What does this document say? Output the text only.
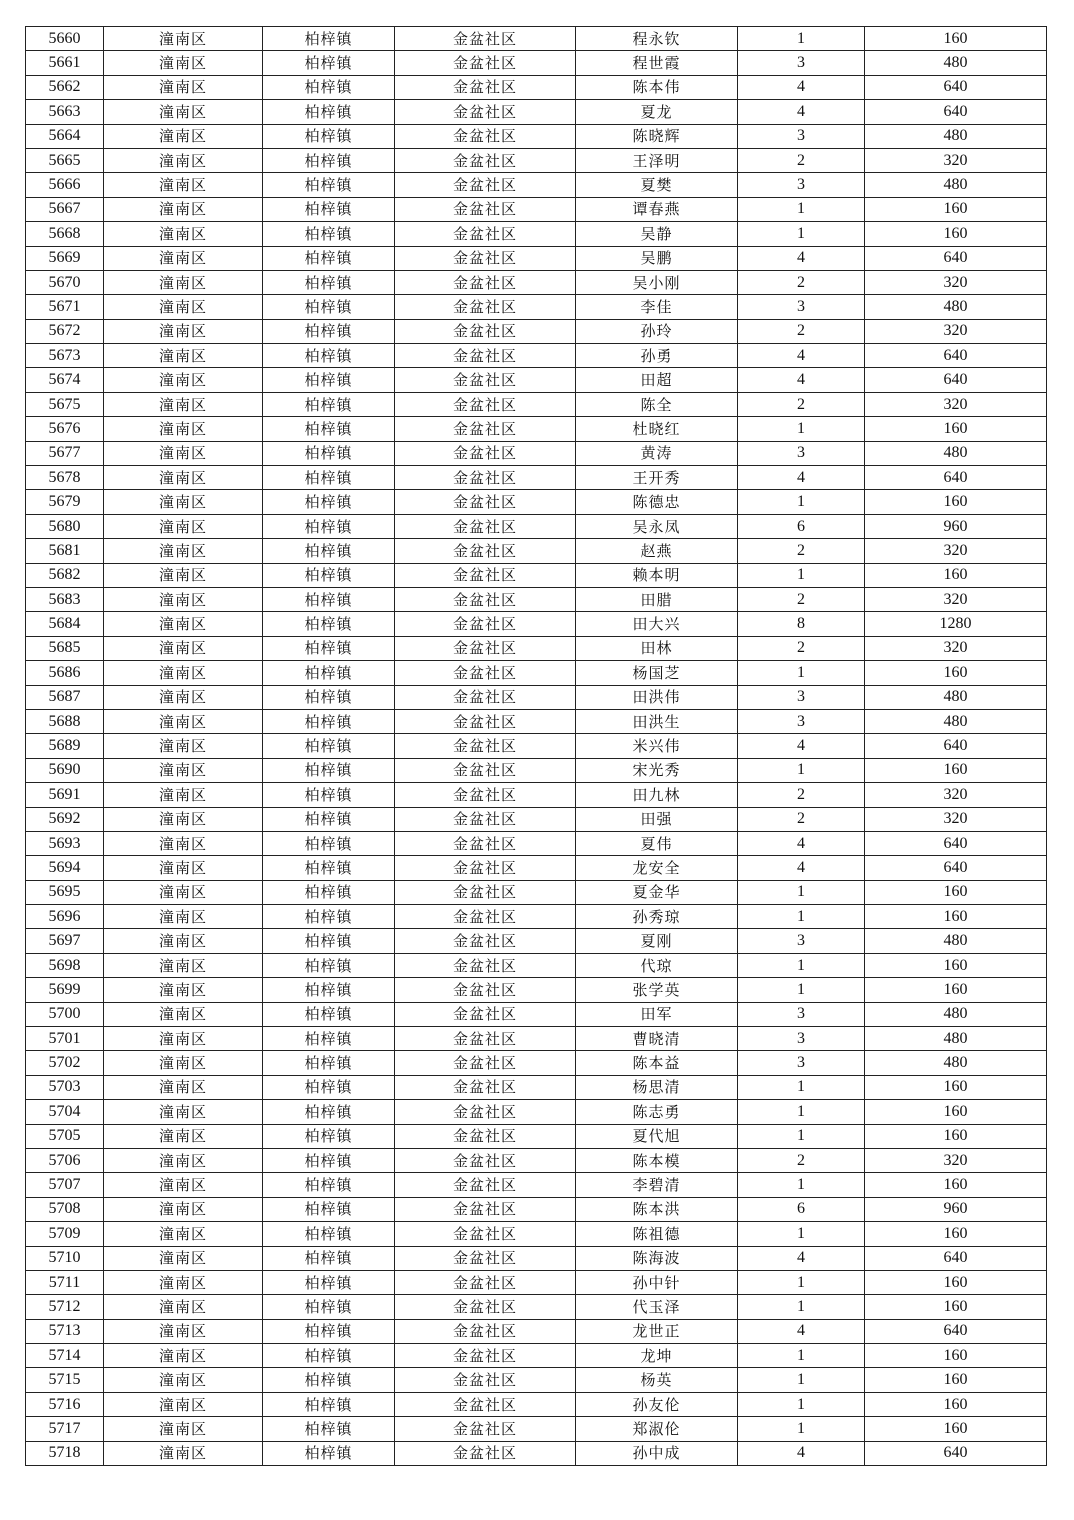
5660	潼南区	柏梓镇	金盆社区	程永钦	1	160
5661	潼南区	柏梓镇	金盆社区	程世霞	3	480
5662	潼南区	柏梓镇	金盆社区	陈本伟	4	640
5663	潼南区	柏梓镇	金盆社区	夏龙	4	640
5664	潼南区	柏梓镇	金盆社区	陈晓辉	3	480
5665	潼南区	柏梓镇	金盆社区	王泽明	2	320
5666	潼南区	柏梓镇	金盆社区	夏樊	3	480
5667	潼南区	柏梓镇	金盆社区	谭春燕	1	160
5668	潼南区	柏梓镇	金盆社区	吴静	1	160
5669	潼南区	柏梓镇	金盆社区	吴鹏	4	640
5670	潼南区	柏梓镇	金盆社区	吴小刚	2	320
5671	潼南区	柏梓镇	金盆社区	李佳	3	480
5672	潼南区	柏梓镇	金盆社区	孙玲	2	320
5673	潼南区	柏梓镇	金盆社区	孙勇	4	640
5674	潼南区	柏梓镇	金盆社区	田超	4	640
5675	潼南区	柏梓镇	金盆社区	陈全	2	320
5676	潼南区	柏梓镇	金盆社区	杜晓红	1	160
5677	潼南区	柏梓镇	金盆社区	黄涛	3	480
5678	潼南区	柏梓镇	金盆社区	王开秀	4	640
5679	潼南区	柏梓镇	金盆社区	陈德忠	1	160
5680	潼南区	柏梓镇	金盆社区	吴永凤	6	960
5681	潼南区	柏梓镇	金盆社区	赵燕	2	320
5682	潼南区	柏梓镇	金盆社区	赖本明	1	160
5683	潼南区	柏梓镇	金盆社区	田腊	2	320
5684	潼南区	柏梓镇	金盆社区	田大兴	8	1280
5685	潼南区	柏梓镇	金盆社区	田林	2	320
5686	潼南区	柏梓镇	金盆社区	杨国芝	1	160
5687	潼南区	柏梓镇	金盆社区	田洪伟	3	480
5688	潼南区	柏梓镇	金盆社区	田洪生	3	480
5689	潼南区	柏梓镇	金盆社区	米兴伟	4	640
5690	潼南区	柏梓镇	金盆社区	宋光秀	1	160
5691	潼南区	柏梓镇	金盆社区	田九林	2	320
5692	潼南区	柏梓镇	金盆社区	田强	2	320
5693	潼南区	柏梓镇	金盆社区	夏伟	4	640
5694	潼南区	柏梓镇	金盆社区	龙安全	4	640
5695	潼南区	柏梓镇	金盆社区	夏金华	1	160
5696	潼南区	柏梓镇	金盆社区	孙秀琼	1	160
5697	潼南区	柏梓镇	金盆社区	夏刚	3	480
5698	潼南区	柏梓镇	金盆社区	代琼	1	160
5699	潼南区	柏梓镇	金盆社区	张学英	1	160
5700	潼南区	柏梓镇	金盆社区	田军	3	480
5701	潼南区	柏梓镇	金盆社区	曹晓清	3	480
5702	潼南区	柏梓镇	金盆社区	陈本益	3	480
5703	潼南区	柏梓镇	金盆社区	杨思清	1	160
5704	潼南区	柏梓镇	金盆社区	陈志勇	1	160
5705	潼南区	柏梓镇	金盆社区	夏代旭	1	160
5706	潼南区	柏梓镇	金盆社区	陈本模	2	320
5707	潼南区	柏梓镇	金盆社区	李碧清	1	160
5708	潼南区	柏梓镇	金盆社区	陈本洪	6	960
5709	潼南区	柏梓镇	金盆社区	陈祖德	1	160
5710	潼南区	柏梓镇	金盆社区	陈海波	4	640
5711	潼南区	柏梓镇	金盆社区	孙中针	1	160
5712	潼南区	柏梓镇	金盆社区	代玉泽	1	160
5713	潼南区	柏梓镇	金盆社区	龙世正	4	640
5714	潼南区	柏梓镇	金盆社区	龙坤	1	160
5715	潼南区	柏梓镇	金盆社区	杨英	1	160
5716	潼南区	柏梓镇	金盆社区	孙友伦	1	160
5717	潼南区	柏梓镇	金盆社区	郑淑伦	1	160
5718	潼南区	柏梓镇	金盆社区	孙中成	4	640
